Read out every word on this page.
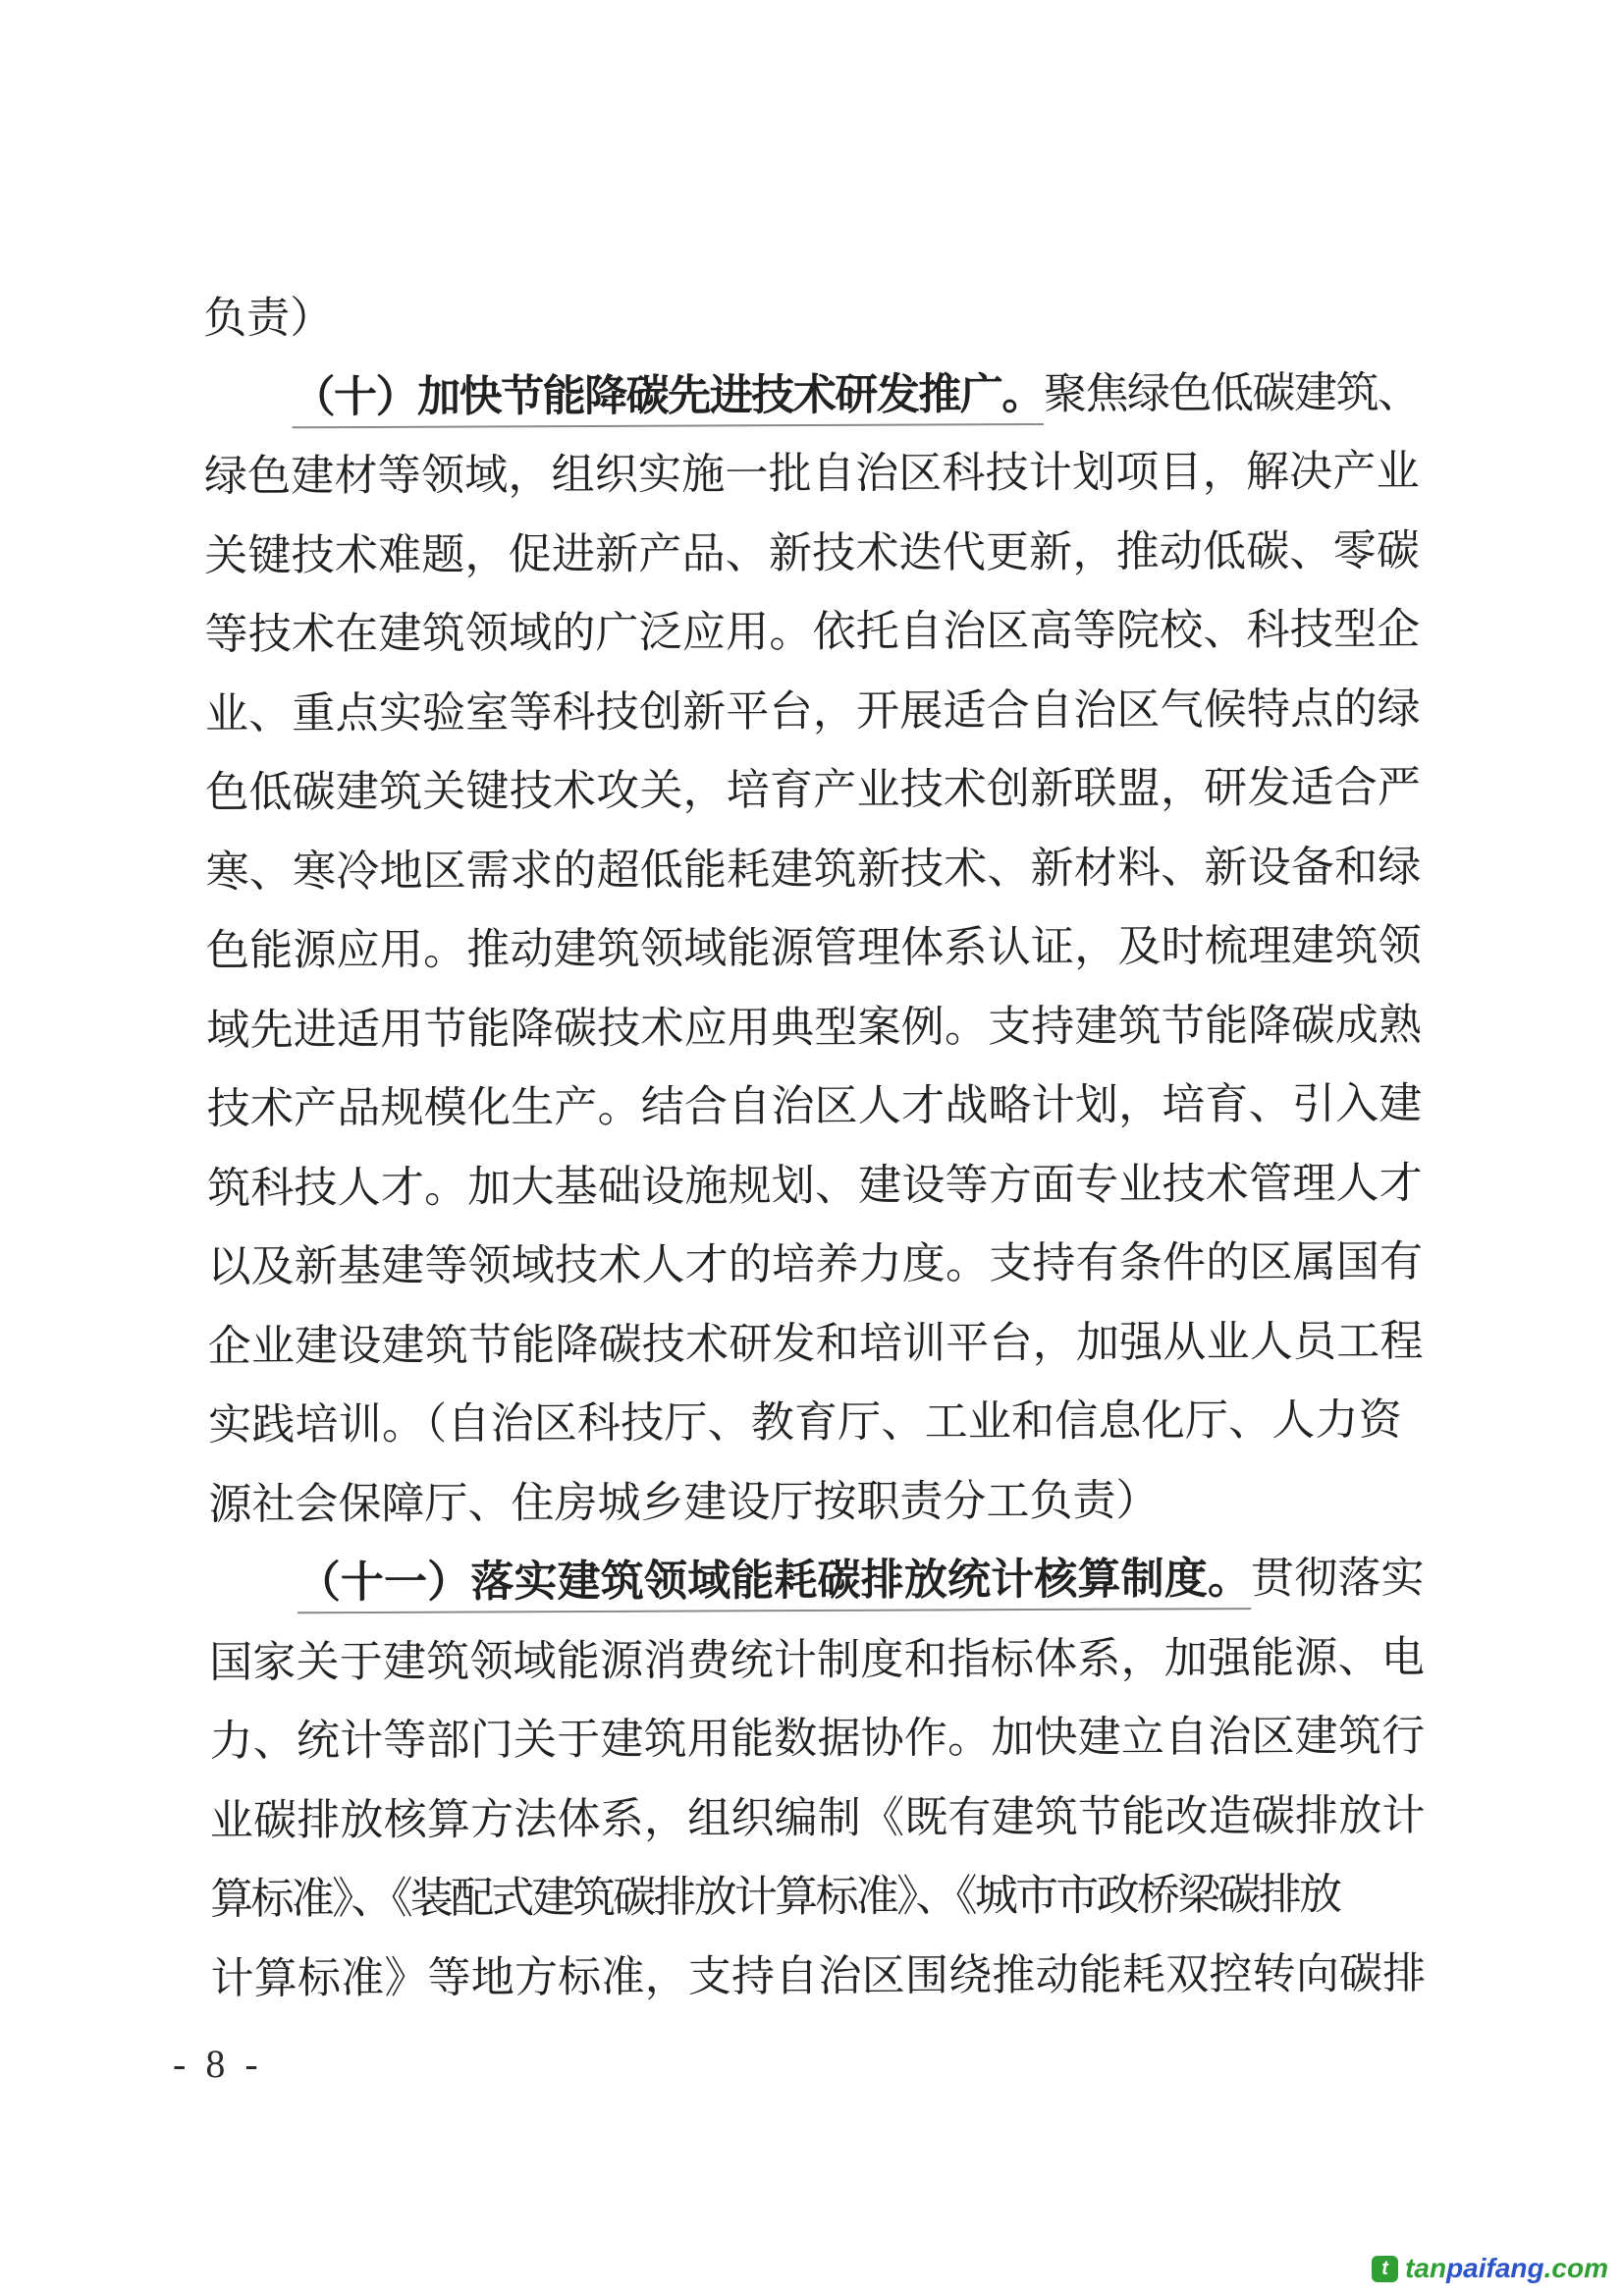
负责）
（十）加快节能降碳先进技术研发推广。聚焦绿色低碳建筑、
绿色建材等领域，组织实施一批自治区科技计划项目，解决产业
关键技术难题，促进新产品、新技术迭代更新，推动低碳、零碳
等技术在建筑领域的广泛应用。依托自治区高等院校、科技型企
业、重点实验室等科技创新平台，开展适合自治区气候特点的绿
色低碳建筑关键技术攻关，培育产业技术创新联盟，研发适合严
寒、寒冷地区需求的超低能耗建筑新技术、新材料、新设备和绿
色能源应用。推动建筑领域能源管理体系认证，及时梳理建筑领
域先进适用节能降碳技术应用典型案例。支持建筑节能降碳成熟
技术产品规模化生产。结合自治区人才战略计划，培育、引入建
筑科技人才。加大基础设施规划、建设等方面专业技术管理人才
以及新基建等领域技术人才的培养力度。支持有条件的区属国有
企业建设建筑节能降碳技术研发和培训平台，加强从业人员工程
实践培训。（自治区科技厅、教育厅、工业和信息化厅、人力资
源社会保障厅、住房城乡建设厅按职责分工负责）
（十一）落实建筑领域能耗碳排放统计核算制度。贯彻落实
国家关于建筑领域能源消费统计制度和指标体系，加强能源、电
力、统计等部门关于建筑用能数据协作。加快建立自治区建筑行
业碳排放核算方法体系，组织编制《既有建筑节能改造碳排放计
算标准》、《装配式建筑碳排放计算标准》、《城市市政桥梁碳排放
计算标准》等地方标准，支持自治区围绕推动能耗双控转向碳排
- 8 -
t tan paifang .com
